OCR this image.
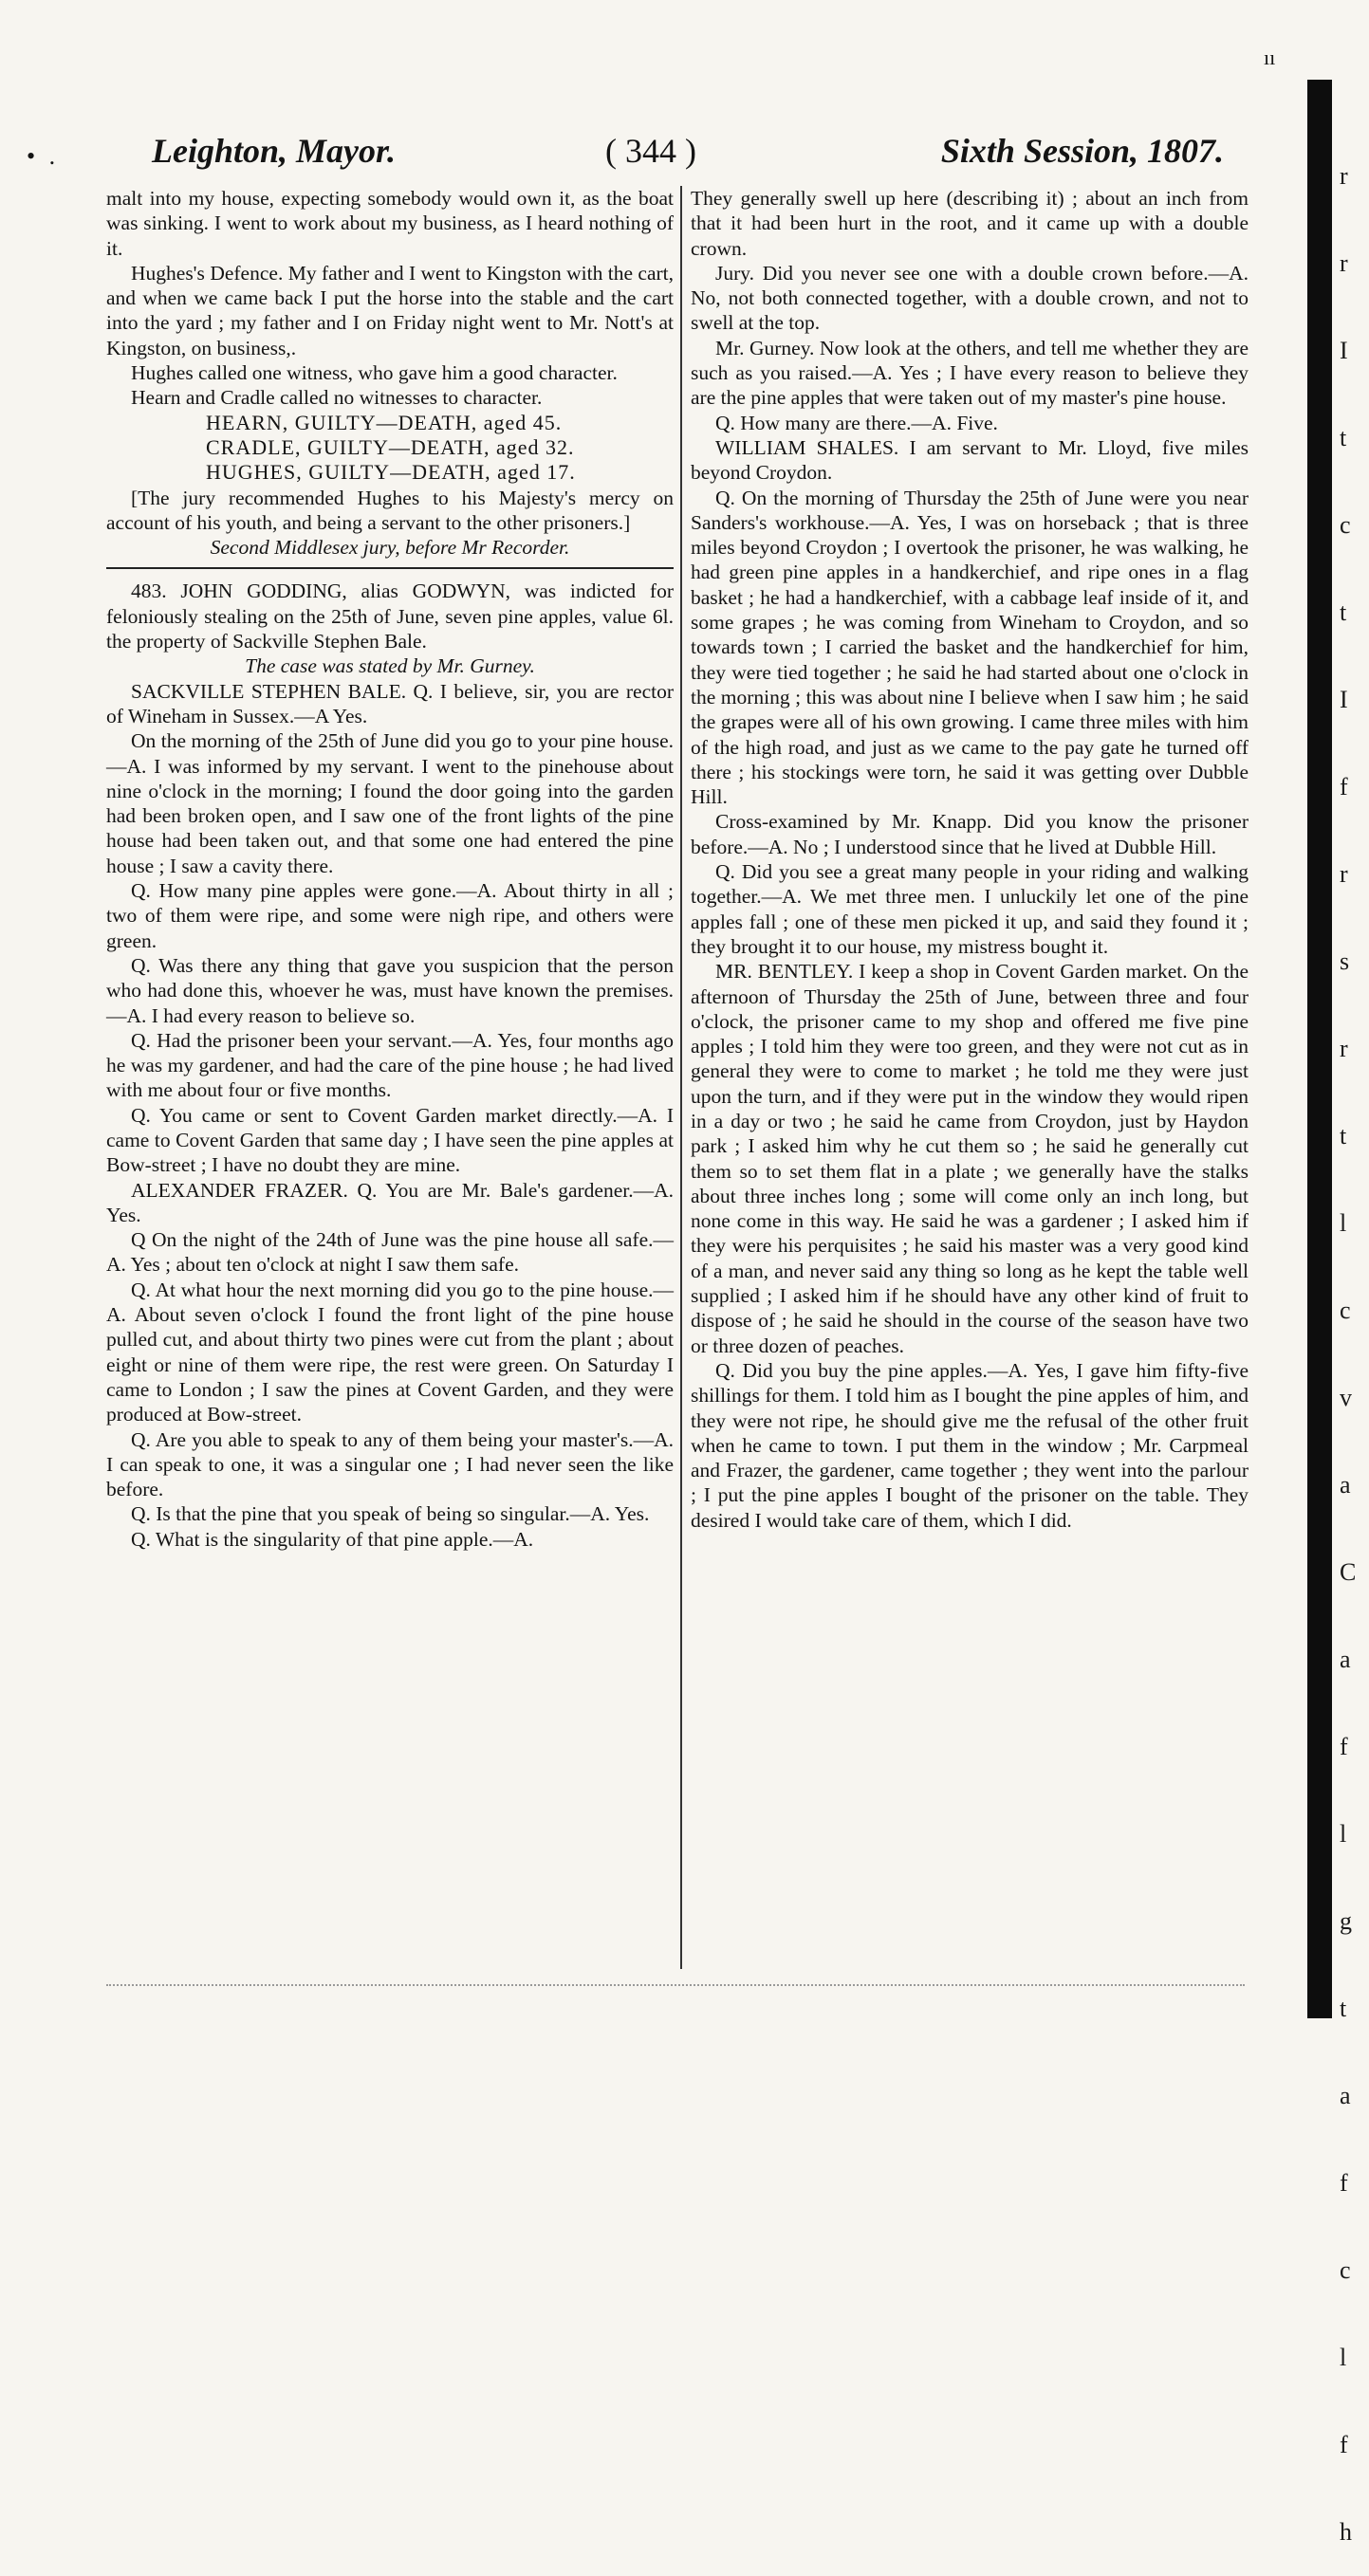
ıı
• .	Leighton, Mayor.	( 344 )	Sixth Session, 1807.

malt into my house, expecting somebody would own it, as the boat was sinking. I went to work about my business, as I heard nothing of it.

Hughes's Defence. My father and I went to Kingston with the cart, and when we came back I put the horse into the stable and the cart into the yard ; my father and I on Friday night went to Mr. Nott's at Kingston, on business,.

Hughes called one witness, who gave him a good character.

Hearn and Cradle called no witnesses to character.

HEARN, GUILTY—DEATH, aged 45.

CRADLE, GUILTY—DEATH, aged 32.

HUGHES, GUILTY—DEATH, aged 17.

[The jury recommended Hughes to his Majesty's mercy on account of his youth, and being a servant to the other prisoners.]

Second Middlesex jury, before Mr Recorder.

483. JOHN GODDING, alias GODWYN, was indicted for feloniously stealing on the 25th of June, seven pine apples, value 6l. the property of Sackville Stephen Bale.

The case was stated by Mr. Gurney.

SACKVILLE STEPHEN BALE. Q. I believe, sir, you are rector of Wineham in Sussex.—A Yes.

On the morning of the 25th of June did you go to your pine house.—A. I was informed by my servant. I went to the pinehouse about nine o'clock in the morning; I found the door going into the garden had been broken open, and I saw one of the front lights of the pine house had been taken out, and that some one had entered the pine house ; I saw a cavity there.

Q. How many pine apples were gone.—A. About thirty in all ; two of them were ripe, and some were nigh ripe, and others were green.

Q. Was there any thing that gave you suspicion that the person who had done this, whoever he was, must have known the premises.—A. I had every reason to believe so.

Q. Had the prisoner been your servant.—A. Yes, four months ago he was my gardener, and had the care of the pine house ; he had lived with me about four or five months.

Q. You came or sent to Covent Garden market directly.—A. I came to Covent Garden that same day ; I have seen the pine apples at Bow-street ; I have no doubt they are mine.

ALEXANDER FRAZER. Q. You are Mr. Bale's gardener.—A. Yes.

Q On the night of the 24th of June was the pine house all safe.—A. Yes ; about ten o'clock at night I saw them safe.

Q. At what hour the next morning did you go to the pine house.—A. About seven o'clock I found the front light of the pine house pulled cut, and about thirty two pines were cut from the plant ; about eight or nine of them were ripe, the rest were green. On Saturday I came to London ; I saw the pines at Covent Garden, and they were produced at Bow-street.

Q. Are you able to speak to any of them being your master's.—A. I can speak to one, it was a singular one ; I had never seen the like before.

Q. Is that the pine that you speak of being so singular.—A. Yes.

Q. What is the singularity of that pine apple.—A.

They generally swell up here (describing it) ; about an inch from that it had been hurt in the root, and it came up with a double crown.

Jury. Did you never see one with a double crown before.—A. No, not both connected together, with a double crown, and not to swell at the top.

Mr. Gurney. Now look at the others, and tell me whether they are such as you raised.—A. Yes ; I have every reason to believe they are the pine apples that were taken out of my master's pine house.

Q. How many are there.—A. Five.

WILLIAM SHALES. I am servant to Mr. Lloyd, five miles beyond Croydon.

Q. On the morning of Thursday the 25th of June were you near Sanders's workhouse.—A. Yes, I was on horseback ; that is three miles beyond Croydon ; I overtook the prisoner, he was walking, he had green pine apples in a handkerchief, and ripe ones in a flag basket ; he had a handkerchief, with a cabbage leaf inside of it, and some grapes ; he was coming from Wineham to Croydon, and so towards town ; I carried the basket and the handkerchief for him, they were tied together ; he said he had started about one o'clock in the morning ; this was about nine I believe when I saw him ; he said the grapes were all of his own growing. I came three miles with him of the high road, and just as we came to the pay gate he turned off there ; his stockings were torn, he said it was getting over Dubble Hill.

Cross-examined by Mr. Knapp. Did you know the prisoner before.—A. No ; I understood since that he lived at Dubble Hill.

Q. Did you see a great many people in your riding and walking together.—A. We met three men. I unluckily let one of the pine apples fall ; one of these men picked it up, and said they found it ; they brought it to our house, my mistress bought it.

MR. BENTLEY. I keep a shop in Covent Garden market. On the afternoon of Thursday the 25th of June, between three and four o'clock, the prisoner came to my shop and offered me five pine apples ; I told him they were too green, and they were not cut as in general they were to come to market ; he told me they were just upon the turn, and if they were put in the window they would ripen in a day or two ; he said he came from Croydon, just by Haydon park ; I asked him why he cut them so ; he said he generally cut them so to set them flat in a plate ; we generally have the stalks about three inches long ; some will come only an inch long, but none come in this way. He said he was a gardener ; I asked him if they were his perquisites ; he said his master was a very good kind of a man, and never said any thing so long as he kept the table well supplied ; I asked him if he should have any other kind of fruit to dispose of ; he said he should in the course of the season have two or three dozen of peaches.

Q. Did you buy the pine apples.—A. Yes, I gave him fifty-five shillings for them. I told him as I bought the pine apples of him, and they were not ripe, he should give me the refusal of the other fruit when he came to town. I put them in the window ; Mr. Carpmeal and Frazer, the gardener, came together ; they went into the parlour ; I put the pine apples I bought of the prisoner on the table. They desired I would take care of them, which I did.

r
r
I
t
c
t
I
f
r
s
r
t
l
c
v
a
C
a
f
l
g
t
a
f
c
l
f
h
